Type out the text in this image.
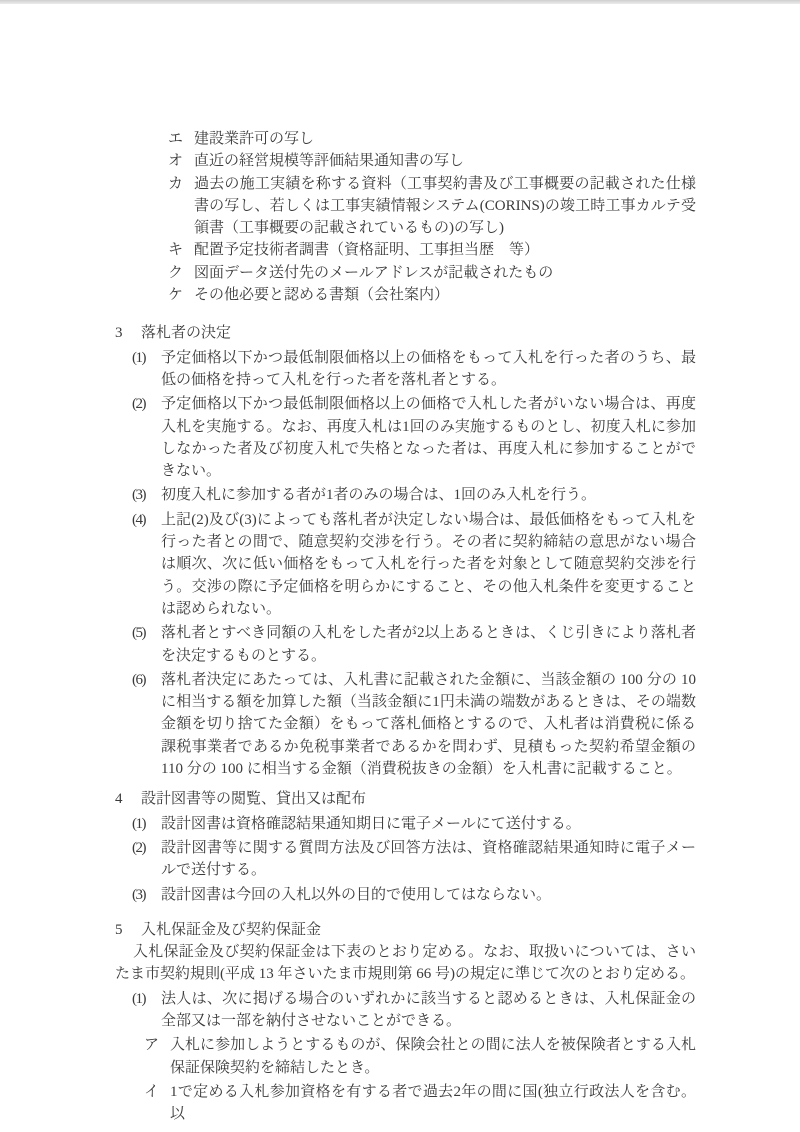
エ 建設業許可の写し
オ 直近の経営規模等評価結果通知書の写し
カ 過去の施工実績を称する資料（工事契約書及び工事概要の記載された仕様書の写し、若しくは工事実績情報システム(CORINS)の竣工時工事カルテ受領書（工事概要の記載されているもの)の写し)
キ 配置予定技術者調書（資格証明、工事担当歴　等）
ク 図面データ送付先のメールアドレスが記載されたもの
ケ その他必要と認める書類（会社案内）
3	落札者の決定
(1)	予定価格以下かつ最低制限価格以上の価格をもって入札を行った者のうち、最低の価格を持って入札を行った者を落札者とする。
(2)	予定価格以下かつ最低制限価格以上の価格で入札した者がいない場合は、再度入札を実施する。なお、再度入札は1回のみ実施するものとし、初度入札に参加しなかった者及び初度入札で失格となった者は、再度入札に参加することができない。
(3)	初度入札に参加する者が1者のみの場合は、1回のみ入札を行う。
(4)	上記(2)及び(3)によっても落札者が決定しない場合は、最低価格をもって入札を行った者との間で、随意契約交渉を行う。その者に契約締結の意思がない場合は順次、次に低い価格をもって入札を行った者を対象として随意契約交渉を行う。交渉の際に予定価格を明らかにすること、その他入札条件を変更することは認められない。
(5)	落札者とすべき同額の入札をした者が2以上あるときは、くじ引きにより落札者を決定するものとする。
(6)	落札者決定にあたっては、入札書に記載された金額に、当該金額の 100 分の 10 に相当する額を加算した額（当該金額に1円未満の端数があるときは、その端数金額を切り捨てた金額）をもって落札価格とするので、入札者は消費税に係る課税事業者であるか免税事業者であるかを問わず、見積もった契約希望金額の 110 分の 100 に相当する金額（消費税抜きの金額）を入札書に記載すること。
4	設計図書等の閲覧、貸出又は配布
(1)	設計図書は資格確認結果通知期日に電子メールにて送付する。
(2)	設計図書等に関する質問方法及び回答方法は、資格確認結果通知時に電子メールで送付する。
(3)	設計図書は今回の入札以外の目的で使用してはならない。
5	入札保証金及び契約保証金

入札保証金及び契約保証金は下表のとおり定める。なお、取扱いについては、さいたま市契約規則(平成 13 年さいたま市規則第 66 号)の規定に準じて次のとおり定める。

(1)	法人は、次に掲げる場合のいずれかに該当すると認めるときは、入札保証金の全部又は一部を納付させないことができる。
ア 入札に参加しようとするものが、保険会社との間に法人を被保険者とする入札保証保険契約を締結したとき。
イ 1で定める入札参加資格を有する者で過去2年の間に国(独立行政法人を含む。以
